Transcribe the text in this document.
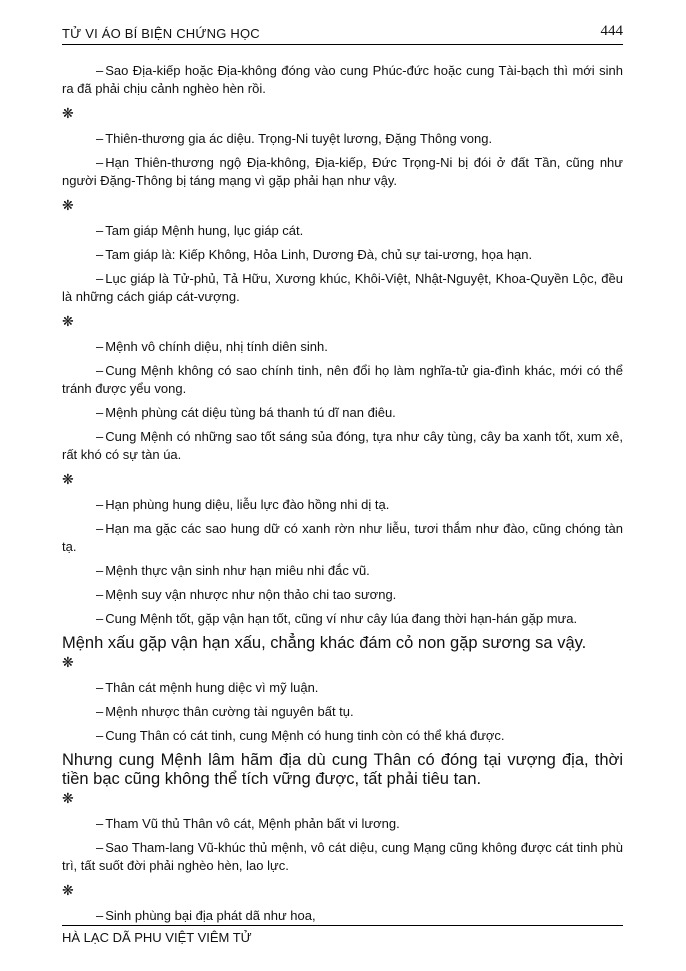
TỬ VI ÁO BÍ BIỆN CHỨNG HỌC	444

– Sao Địa-kiếp hoặc Địa-không đóng vào cung Phúc-đức hoặc cung Tài-bạch thì mới sinh ra đã phải chịu cảnh nghèo hèn rồi.

❋

– Thiên-thương gia ác diệu. Trọng-Ni tuyệt lương, Đặng Thông vong.

– Hạn Thiên-thương ngộ Địa-không, Địa-kiếp, Đức Trọng-Ni bị đói ở đất Tần, cũng như người Đặng-Thông bị táng mạng vì gặp phải hạn như vậy.

❋

– Tam giáp Mệnh hung, lục giáp cát.

– Tam giáp là: Kiếp Không, Hỏa Linh, Dương Đà, chủ sự tai-ương, họa hạn.

– Lục giáp là Tử-phủ, Tả Hữu, Xương khúc, Khôi-Việt, Nhật-Nguyệt, Khoa-Quyền Lộc, đều là những cách giáp cát-vượng.

❋

– Mệnh vô chính diệu, nhị tính diên sinh.

– Cung Mệnh không có sao chính tinh, nên đổi họ làm nghĩa-tử gia-đình khác, mới có thể tránh được yểu vong.

– Mệnh phùng cát diệu tùng bá thanh tú dĩ nan điêu.

– Cung Mệnh có những sao tốt sáng sủa đóng, tựa như cây tùng, cây ba xanh tốt, xum xê, rất khó có sự tàn úa.

❋

– Hạn phùng hung diệu, liễu lực đào hồng nhi dị tạ.

– Hạn ma gặc các sao hung dữ có xanh rờn như liễu, tươi thắm như đào, cũng chóng tàn tạ.

– Mệnh thực vận sinh như hạn miêu nhi đắc vũ.

– Mệnh suy vận nhược như nộn thảo chi tao sương.

– Cung Mệnh tốt, gặp vận hạn tốt, cũng ví như cây lúa đang thời hạn-hán gặp mưa.

Mệnh xấu gặp vận hạn xấu, chẳng khác đám cỏ non gặp sương sa vậy.

❋

– Thân cát mệnh hung diệc vì mỹ luận.

– Mệnh nhược thân cường tài nguyên bất tụ.

– Cung Thân có cát tinh, cung Mệnh có hung tinh còn có thể khá được.

Nhưng cung Mệnh lâm hãm địa dù cung Thân có đóng tại vượng địa, thời tiền bạc cũng không thể tích vững được, tất phải tiêu tan.

❋

– Tham Vũ thủ Thân vô cát, Mệnh phản bất vi lương.

– Sao Tham-lang Vũ-khúc thủ mệnh, vô cát diệu, cung Mạng cũng không được cát tinh phù trì, tất suốt đời phải nghèo hèn, lao lực.

❋

– Sinh phùng bại địa phát dã như hoa,

HÀ LẠC DÃ PHU VIỆT VIÊM TỬ
